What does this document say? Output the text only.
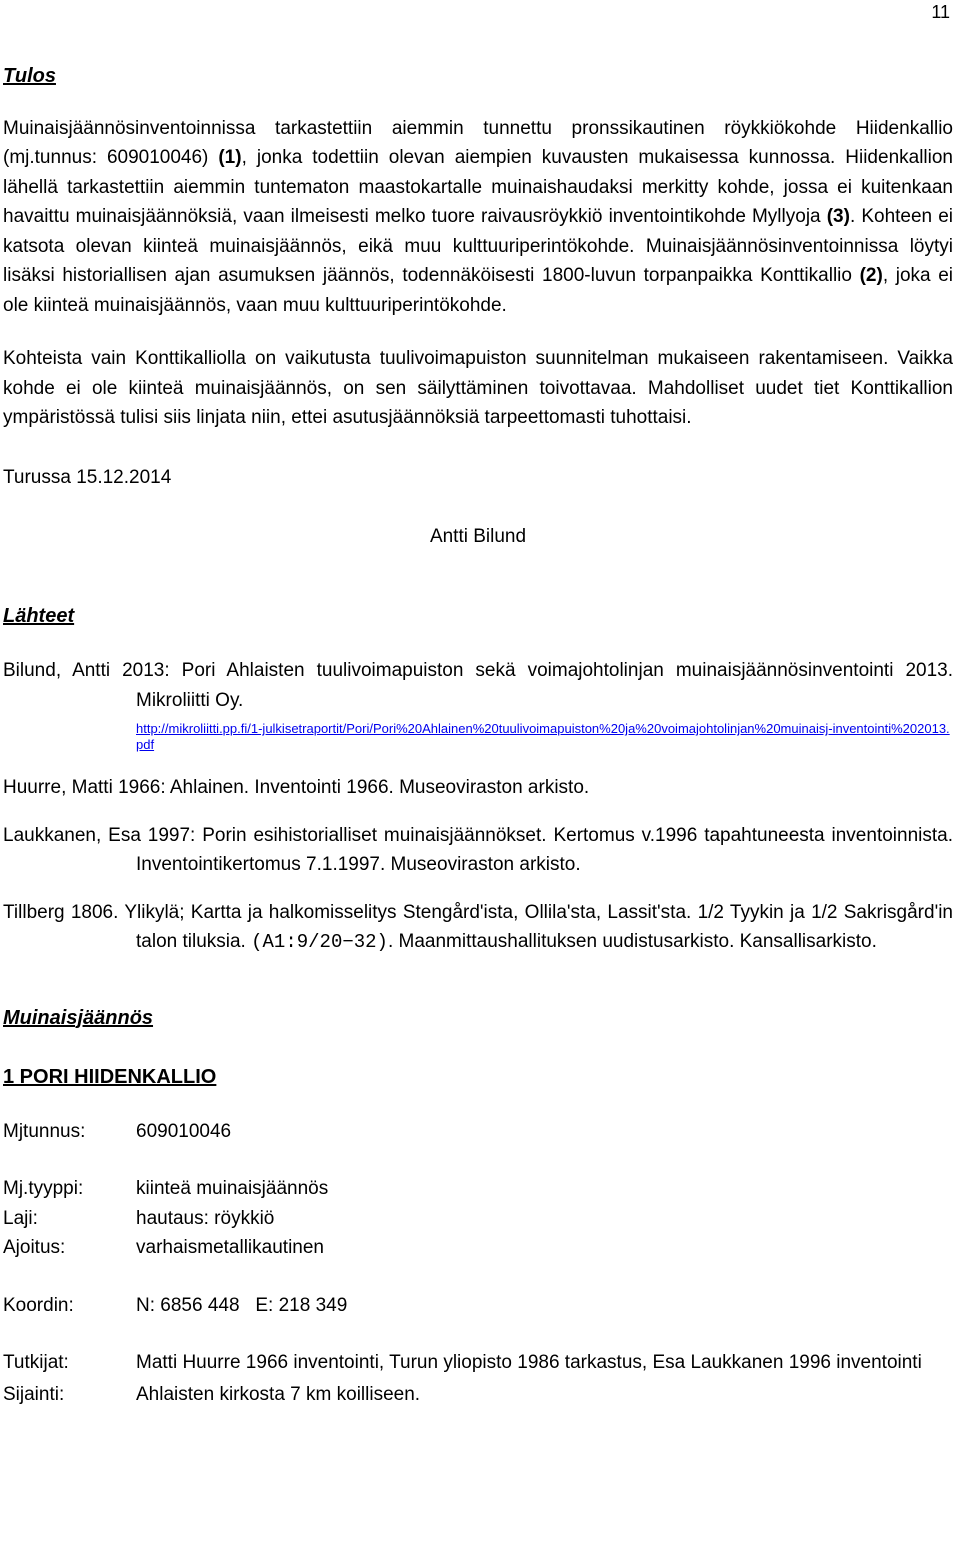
11
Tulos

Muinaisjäännösinventoinnissa tarkastettiin aiemmin tunnettu pronssikautinen röykkiökohde Hiidenkallio (mj.tunnus: 609010046) (1), jonka todettiin olevan aiempien kuvausten mukaisessa kunnossa. Hiidenkallion lähellä tarkastettiin aiemmin tuntematon maastokartalle muinaishaudaksi merkitty kohde, jossa ei kuitenkaan havaittu muinaisjäännöksiä, vaan ilmeisesti melko tuore raivausröykkiö inventointikohde Myllyoja (3). Kohteen ei katsota olevan kiinteä muinaisjäännös, eikä muu kulttuuriperintökohde. Muinaisjäännösinventoinnissa löytyi lisäksi historiallisen ajan asumuksen jäännös, todennäköisesti 1800-luvun torpanpaikka Konttikallio (2), joka ei ole kiinteä muinaisjäännös, vaan muu kulttuuriperintökohde.

Kohteista vain Konttikalliolla on vaikutusta tuulivoimapuiston suunnitelman mukaiseen rakentamiseen. Vaikka kohde ei ole kiinteä muinaisjäännös, on sen säilyttäminen toivottavaa. Mahdolliset uudet tiet Konttikallion ympäristössä tulisi siis linjata niin, ettei asutusjäännöksiä tarpeettomasti tuhottaisi.

Turussa 15.12.2014

Antti Bilund

Lähteet

Bilund, Antti 2013: Pori Ahlaisten tuulivoimapuiston sekä voimajohtolinjan muinaisjäännösinventointi 2013. Mikroliitti Oy.

http://mikroliitti.pp.fi/1-julkisetraportit/Pori/Pori%20Ahlainen%20tuulivoimapuiston%20ja%20voimajohtolinjan%20muinaisj-inventointi%202013.pdf

Huurre, Matti 1966: Ahlainen. Inventointi 1966. Museoviraston arkisto.

Laukkanen, Esa 1997: Porin esihistorialliset muinaisjäännökset. Kertomus v.1996 tapahtuneesta inventoinnista. Inventointikertomus 7.1.1997. Museoviraston arkisto.

Tillberg 1806. Ylikylä; Kartta ja halkomisselitys Stengård'ista, Ollila'sta, Lassit'sta. 1/2 Tyykin ja 1/2 Sakrisgård'in talon tiluksia. (A1:9/20−32). Maanmittaushallituksen uudistusarkisto. Kansallisarkisto.

Muinaisjäännös
1 PORI HIIDENKALLIO
Mjtunnus:	609010046
Mj.tyyppi:	kiinteä muinaisjäännös
Laji:	hautaus: röykkiö
Ajoitus:	varhaismetallikautinen
Koordin:	N: 6856 448   E: 218 349
Tutkijat:	Matti Huurre 1966 inventointi, Turun yliopisto 1986 tarkastus, Esa Laukkanen 1996 inventointi
Sijainti:	Ahlaisten kirkosta 7 km koilliseen.
